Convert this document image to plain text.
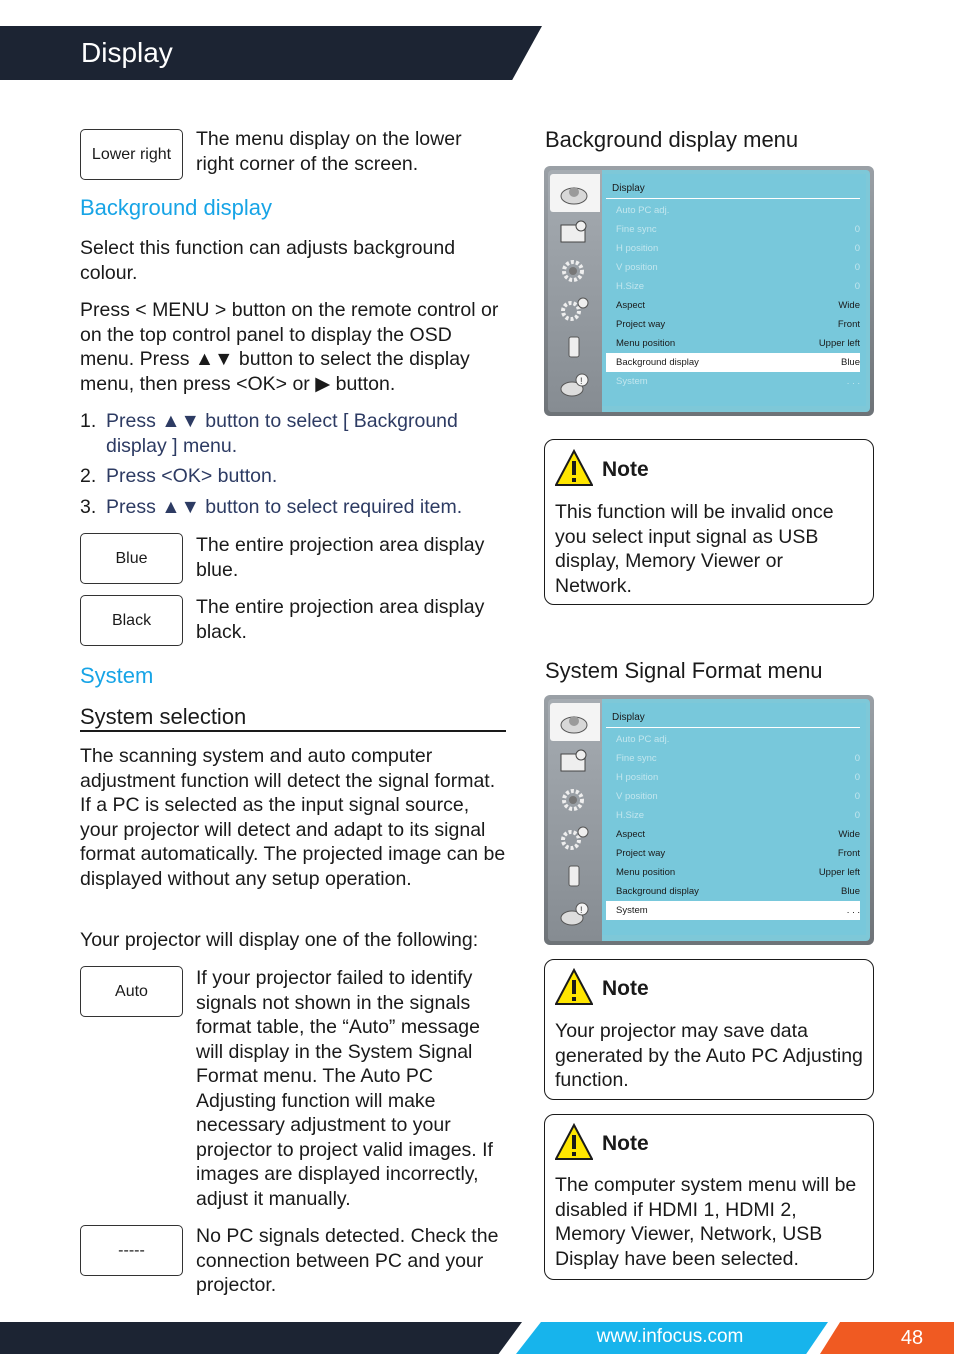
Display
Lower right
The menu display on the lower right corner of the screen.
Background display
Select this function can adjusts background colour.
Press < MENU > button on the remote control or on the top control panel to display the OSD menu. Press ▲▼ button to select the display menu, then press <OK> or ▶ button.
1. Press ▲▼ button to select [ Background display ] menu.
2. Press <OK> button.
3. Press ▲▼ button to select required item.
Blue
The entire projection area display blue.
Black
The entire projection area display black.
System
System selection
The scanning system and auto computer adjustment function will detect the signal format. If a PC is selected as the input signal source, your projector will detect and adapt to its signal format automatically. The projected image can be displayed without any setup operation.
Your projector will display one of the following:
Auto
If your projector failed to identify signals not shown in the signals format table, the “Auto” message will display in the System Signal Format menu. The Auto PC Adjusting function will make necessary adjustment to your projector to project valid images. If images are displayed incorrectly, adjust it manually.
-----
No PC signals detected. Check the connection between PC and your projector.
Background display menu
!
Display
Auto PC adj.
Fine sync	0
H position	0
V position	0
H.Size	0
Aspect	Wide
Project way	Front
Menu position	Upper left
Background display	Blue
System	. . .
Note
This function will be invalid once you select input signal as USB display, Memory Viewer or Network.
System Signal Format menu
!
Display
Auto PC adj.
Fine sync	0
H position	0
V position	0
H.Size	0
Aspect	Wide
Project way	Front
Menu position	Upper left
Background display	Blue
System	. . .
Note
Your projector may save data generated by the Auto PC Adjusting function.
Note
The computer system menu will be disabled if HDMI 1, HDMI 2, Memory Viewer, Network, USB Display have been selected.
www.infocus.com	48
